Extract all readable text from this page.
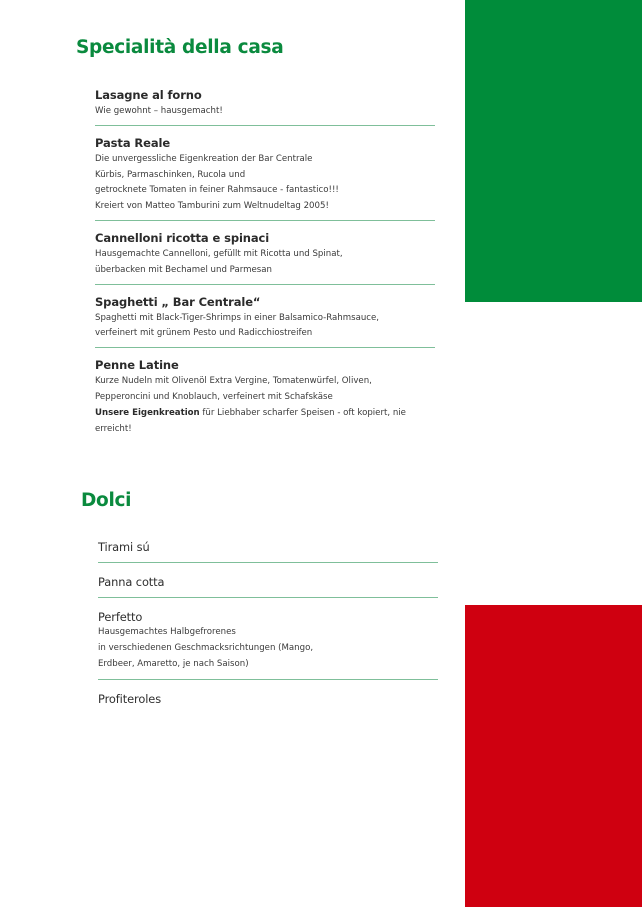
Specialità della casa
Lasagne al forno
Wie gewohnt – hausgemacht!
Pasta Reale
Die unvergessliche Eigenkreation der Bar Centrale
Kürbis, Parmaschinken, Rucola und
getrocknete Tomaten in feiner Rahmsauce - fantastico!!!
Kreiert von Matteo Tamburini zum Weltnudeltag 2005!
Cannelloni ricotta e spinaci
Hausgemachte Cannelloni, gefüllt mit Ricotta und Spinat,
überbacken mit Bechamel und Parmesan
Spaghetti „ Bar Centrale“
Spaghetti mit Black-Tiger-Shrimps in einer Balsamico-Rahmsauce,
verfeinert mit grünem Pesto und Radicchiostreifen
Penne Latine
Kurze Nudeln mit Olivenöl Extra Vergine, Tomatenwürfel, Oliven,
Pepperoncini und Knoblauch, verfeinert mit Schafskäse
Unsere Eigenkreation für Liebhaber scharfer Speisen - oft kopiert, nie erreicht!
Dolci
Tirami sú
Panna cotta
Perfetto
Hausgemachtes Halbgefrorenes
in verschiedenen Geschmacksrichtungen (Mango,
Erdbeer, Amaretto, je nach Saison)
Profiteroles
